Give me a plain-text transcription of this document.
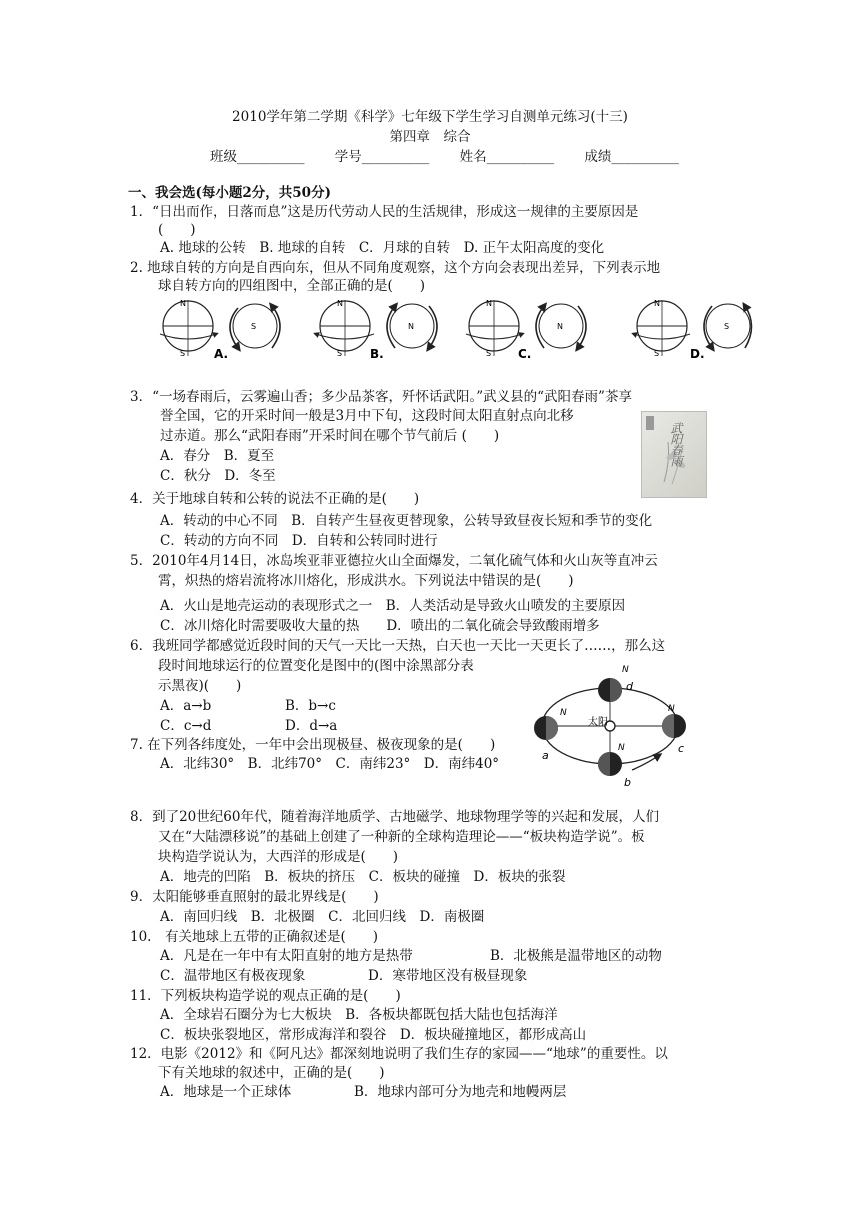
2010学年第二学期《科学》七年级下学生学习自测单元练习(十三)
第四章　综合
班级__________ 学号__________ 姓名__________ 成绩__________
一、我会选(每小题2分，共50分)
1．“日出而作，日落而息”这是历代劳动人民的生活规律，形成这一规律的主要原因是
(　　)
A. 地球的公转　B. 地球的自转　C．月球的自转　D. 正午太阳高度的变化
2. 地球自转的方向是自西向东，但从不同角度观察，这个方向会表现出差异，下列表示地
球自转方向的四组图中，全部正确的是(　　)
N
S
S
A.
N
S
N
B.
N
S
N
C.
N
S
S
D.
3．“一场春雨后，云雾遍山香；多少品茶客，歼怀话武阳。”武义县的“武阳春雨”茶享
誉全国，它的开采时间一般是3月中下旬，这段时间太阳直射点向北移
过赤道。那么“武阳春雨”开采时间在哪个节气前后 (　　)
A．春分　B．夏至
C．秋分　D．冬至
武阳春雨
4．关于地球自转和公转的说法不正确的是(　　)
A．转动的中心不同　B．自转产生昼夜更替现象，公转导致昼夜长短和季节的变化
C．转动的方向不同　D．自转和公转同时进行
5．2010年4月14日，冰岛埃亚菲亚德拉火山全面爆发，二氧化硫气体和火山灰等直冲云
霄，炽热的熔岩流将冰川熔化，形成洪水。下列说法中错误的是(　　)
A．火山是地壳运动的表现形式之一　B．人类活动是导致火山喷发的主要原因
C．冰川熔化时需要吸收大量的热　　D．喷出的二氧化硫会导致酸雨增多
6．我班同学都感觉近段时间的天气一天比一天热，白天也一天比一天更长了……，那么这
段时间地球运行的位置变化是图中的(图中涂黑部分表
示黑夜)(　　)
A．a→b	B．b→c
C．c→d	D．d→a	太阳
N
d
N
a
N
c
N
b
7. 在下列各纬度处，一年中会出现极昼、极夜现象的是(　　)
A．北纬30°　B．北纬70°　C．南纬23°　D．南纬40°
8．到了20世纪60年代，随着海洋地质学、古地磁学、地球物理学等的兴起和发展，人们
又在“大陆漂移说”的基础上创建了一种新的全球构造理论——“板块构造学说”。板
块构造学说认为，大西洋的形成是(　　)
A．地壳的凹陷　B．板块的挤压　C．板块的碰撞　D．板块的张裂
9．太阳能够垂直照射的最北界线是(　　)
A．南回归线　B．北极圈　C．北回归线　D．南极圈
10.　有关地球上五带的正确叙述是(　　)
A．凡是在一年中有太阳直射的地方是热带	B．北极熊是温带地区的动物
C．温带地区有极夜现象	D．寒带地区没有极昼现象
11．下列板块构造学说的观点正确的是(　　)
A．全球岩石圈分为七大板块　B．各板块都既包括大陆也包括海洋
C．板块张裂地区，常形成海洋和裂谷　D．板块碰撞地区，都形成高山
12．电影《2012》和《阿凡达》都深刻地说明了我们生存的家园——“地球”的重要性。以
下有关地球的叙述中，正确的是(　　)
A．地球是一个正球体	B．地球内部可分为地壳和地幔两层
